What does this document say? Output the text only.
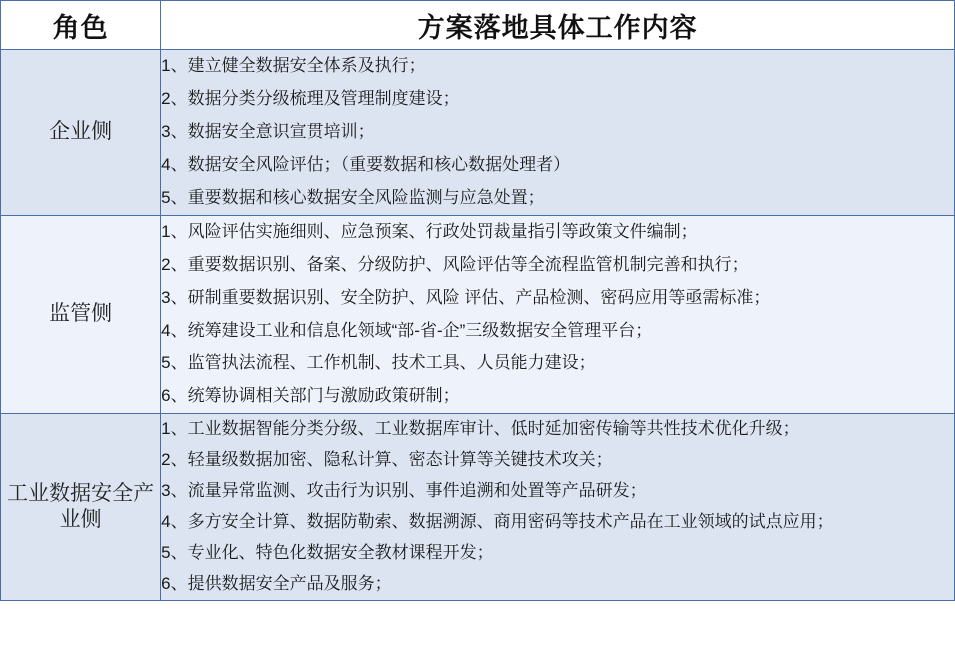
角色	方案落地具体工作内容
企业侧	
1、建立健全数据安全体系及执行；
2、数据分类分级梳理及管理制度建设；
3、数据安全意识宣贯培训；
4、数据安全风险评估；（重要数据和核心数据处理者）
5、重要数据和核心数据安全风险监测与应急处置；

监管侧	
1、风险评估实施细则、应急预案、行政处罚裁量指引等政策文件编制；
2、重要数据识别、备案、分级防护、风险评估等全流程监管机制完善和执行；
3、研制重要数据识别、安全防护、风险 评估、产品检测、密码应用等亟需标准；
4、统筹建设工业和信息化领域“部-省-企”三级数据安全管理平台；
5、监管执法流程、工作机制、技术工具、人员能力建设；
6、统筹协调相关部门与激励政策研制；

工业数据安全产业侧	
1、工业数据智能分类分级、工业数据库审计、低时延加密传输等共性技术优化升级；
2、轻量级数据加密、隐私计算、密态计算等关键技术攻关；
3、流量异常监测、攻击行为识别、事件追溯和处置等产品研发；
4、多方安全计算、数据防勒索、数据溯源、商用密码等技术产品在工业领域的试点应用；
5、专业化、特色化数据安全教材课程开发；
6、提供数据安全产品及服务；
